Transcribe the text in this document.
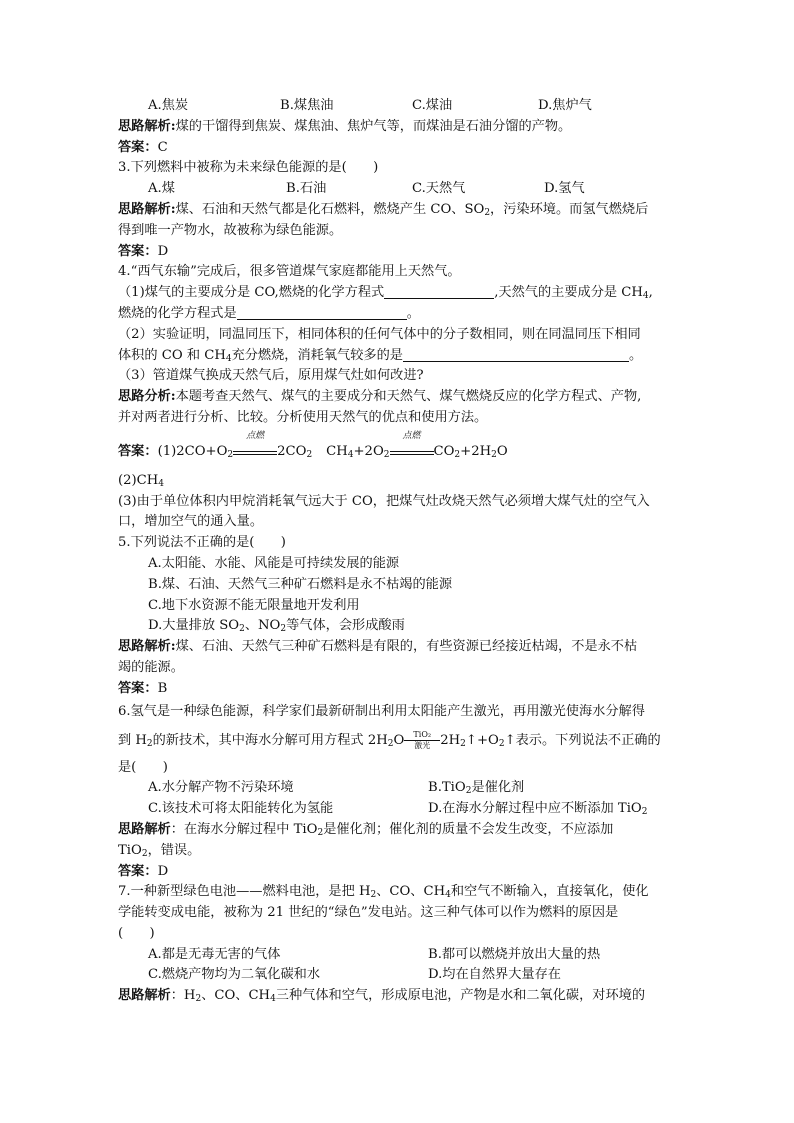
A.焦炭	B.煤焦油	C.煤油	D.焦炉气
思路解析:煤的干馏得到焦炭、煤焦油、焦炉气等，而煤油是石油分馏的产物。
答案：C
3.下列燃料中被称为未来绿色能源的是(　　)
A.煤	B.石油	C.天然气	D.氢气
思路解析:煤、石油和天然气都是化石燃料，燃烧产生 CO、$SO_2$，污染环境。而氢气燃烧后
得到唯一产物水，故被称为绿色能源。
答案：D
4.“西气东输”完成后，很多管道煤气家庭都能用上天然气。
（1)煤气的主要成分是 CO,燃烧的化学方程式	,天然气的主要成分是 $CH_4$,
燃烧的化学方程式是	。
（2）实验证明，同温同压下，相同体积的任何气体中的分子数相同，则在同温同压下相同
体积的 CO 和 $CH_4$充分燃烧，消耗氧气较多的是	。
（3）管道煤气换成天然气后，原用煤气灶如何改进?
思路分析:本题考查天然气、煤气的主要成分和天然气、煤气燃烧反应的化学方程式、产物,
并对两者进行分析、比较。分析使用天然气的优点和使用方法。
答案：$(1)2CO+O_2$
点燃
$2CO_2$ $CH_4+2O_2$
点燃
$CO_2+2H_2O$
$(2)CH_4$
(3)由于单位体积内甲烷消耗氧气远大于 CO，把煤气灶改烧天然气必须增大煤气灶的空气入
口，增加空气的通入量。
5.下列说法不正确的是(　　)
A.太阳能、水能、风能是可持续发展的能源
B.煤、石油、天然气三种矿石燃料是永不枯竭的能源
C.地下水资源不能无限量地开发利用
D.大量排放 $SO_2$、$NO_2$等气体，会形成酸雨
思路解析:煤、石油、天然气三种矿石燃料是有限的，有些资源已经接近枯竭，不是永不枯
竭的能源。
答案：B
6.氢气是一种绿色能源，科学家们最新研制出利用太阳能产生激光，再用激光使海水分解得
到 $H_2$的新技术，其中海水分解可用方程式 $2H_2O \frac{\text{TiO₂}}{\text{激光}}$ $2H_2↑+O_2↑$表示。下列说法不正确的
是(　　)
A.水分解产物不污染环境	B.TiO$_2$是催化剂
C.该技术可将太阳能转化为氢能	D.在海水分解过程中应不断添加 TiO$_2$
思路解析：在海水分解过程中 TiO$_2$是催化剂；催化剂的质量不会发生改变，不应添加
TiO$_2$，错误。
答案：D
7.一种新型绿色电池——燃料电池，是把 $H_2$、CO、$CH_4$和空气不断输入，直接氧化，使化
学能转变成电能，被称为 21 世纪的“绿色”发电站。这三种气体可以作为燃料的原因是
(　　)
A.都是无毒无害的气体	B.都可以燃烧并放出大量的热
C.燃烧产物均为二氧化碳和水	D.均在自然界大量存在
思路解析：$H_2$、CO、$CH_4$三种气体和空气，形成原电池，产物是水和二氧化碳，对环境的
